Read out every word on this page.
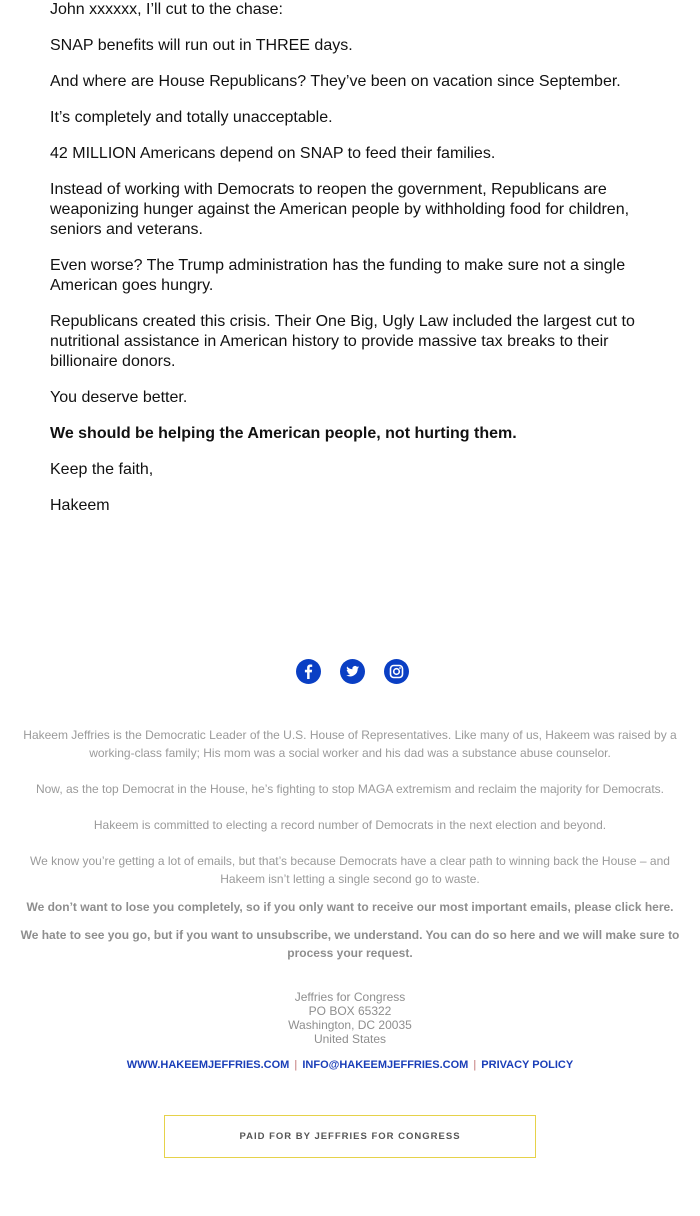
John xxxxxx, I’ll cut to the chase:

SNAP benefits will run out in THREE days.

And where are House Republicans? They’ve been on vacation since September.

It’s completely and totally unacceptable.

42 MILLION Americans depend on SNAP to feed their families.

Instead of working with Democrats to reopen the government, Republicans are weaponizing hunger against the American people by withholding food for children, seniors and veterans.

Even worse? The Trump administration has the funding to make sure not a single American goes hungry.

Republicans created this crisis. Their One Big, Ugly Law included the largest cut to nutritional assistance in American history to provide massive tax breaks to their billionaire donors.

You deserve better.

We should be helping the American people, not hurting them.

Keep the faith,

Hakeem

Hakeem Jeffries is the Democratic Leader of the U.S. House of Representatives. Like many of us, Hakeem was raised by a working-class family; His mom was a social worker and his dad was a substance abuse counselor.

Now, as the top Democrat in the House, he’s fighting to stop MAGA extremism and reclaim the majority for Democrats.

Hakeem is committed to electing a record number of Democrats in the next election and beyond.

We know you’re getting a lot of emails, but that’s because Democrats have a clear path to winning back the House – and Hakeem isn’t letting a single second go to waste.

We don’t want to lose you completely, so if you only want to receive our most important emails, please click here.

We hate to see you go, but if you want to unsubscribe, we understand. You can do so here and we will make sure to process your request.

Jeffries for Congress
PO BOX 65322
Washington, DC 20035
United States
WWW.HAKEEMJEFFRIES.COM | INFO@HAKEEMJEFFRIES.COM | PRIVACY POLICY
PAID FOR BY JEFFRIES FOR CONGRESS
